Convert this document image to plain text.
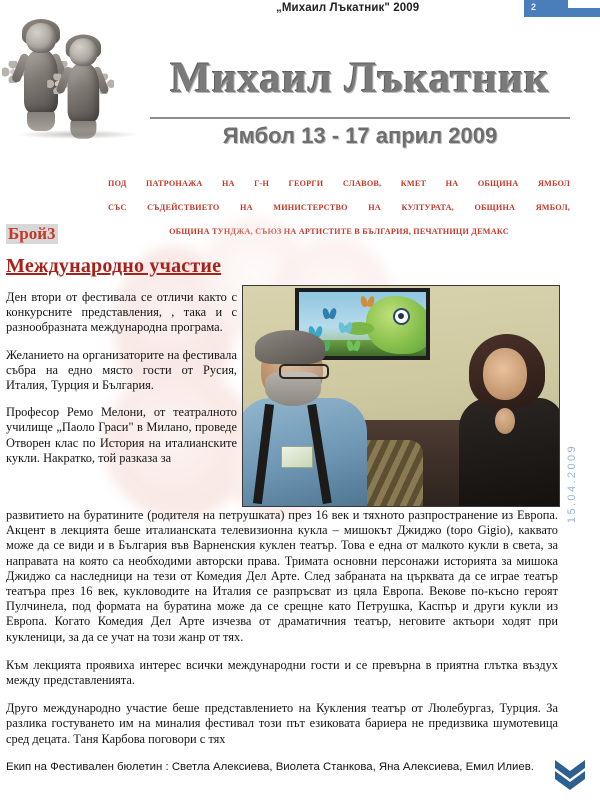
„Михаил Лъкатник" 2009	2
Михаил Лъкатник
Ямбол 13 - 17 април 2009
ПОД ПАТРОНАЖА НА Г-Н ГЕОРГИ СЛАВОВ, КМЕТ НА ОБЩИНА ЯМБОЛ
СЪС СЪДЕЙСТВИЕТО НА МИНИСТЕРСТВО НА КУЛТУРАТА, ОБЩИНА ЯМБОЛ,
ОБЩИНА ТУНДЖА, СЪЮЗ НА АРТИСТИТЕ В БЪЛГАРИЯ, ПЕЧАТНИЦИ ДЕМАКС
Брой3
Международно участие

Ден втори от фестивала се отличи както с конкурсните представления, , така и с разнообразната международна програма.

Желанието на организаторите на фестивала събра на едно място гости от Русия, Италия, Турция и България.

Професор Ремо Мелони, от театралното училище „Паоло Граси" в Милано, проведе Отворен клас по История на италианските кукли. Накратко, той разказа за

развитието на буратините (родителя на петрушката) през 16 век и тяхното разпространение из Европа. Акцент в лекцията беше италианската телевизионна кукла – мишокът Джиджо (topo Gigio), каквато може да се види и в България във Варненския куклен театър. Това е една от малкото кукли в света, за направата на която са необходими авторски права. Тримата основни персонажи историята за мишока Джиджо са наследници на тези от Комедия Дел Арте. След забраната на църквата да се играе театър театъра през 16 век, кукловодите на Италия се разпръсват из цяла Европа. Векове по-късно героят Пулчинела, под формата на буратина може да се срещне като Петрушка, Каспър и други кукли из Европа. Когато Комедия Дел Арте изчезва от драматичния театър, неговите актьори ходят при кукленици, за да се учат на този жанр от тях.

Към лекцията проявиха интерес всички международни гости и се превърна в приятна глътка въздух между представленията.

Друго международно участие беше представлението на Кукления театър от Люлебургаз, Турция. За разлика гостуването им на миналия фестивал този път езиковата бариера не предизвика шумотевица сред децата. Таня Карбова поговори с тях

Екип на Фестивален бюлетин : Светла Алексиева, Виолета Станкова, Яна Алексиева, Емил Илиев.

15.04.2009
